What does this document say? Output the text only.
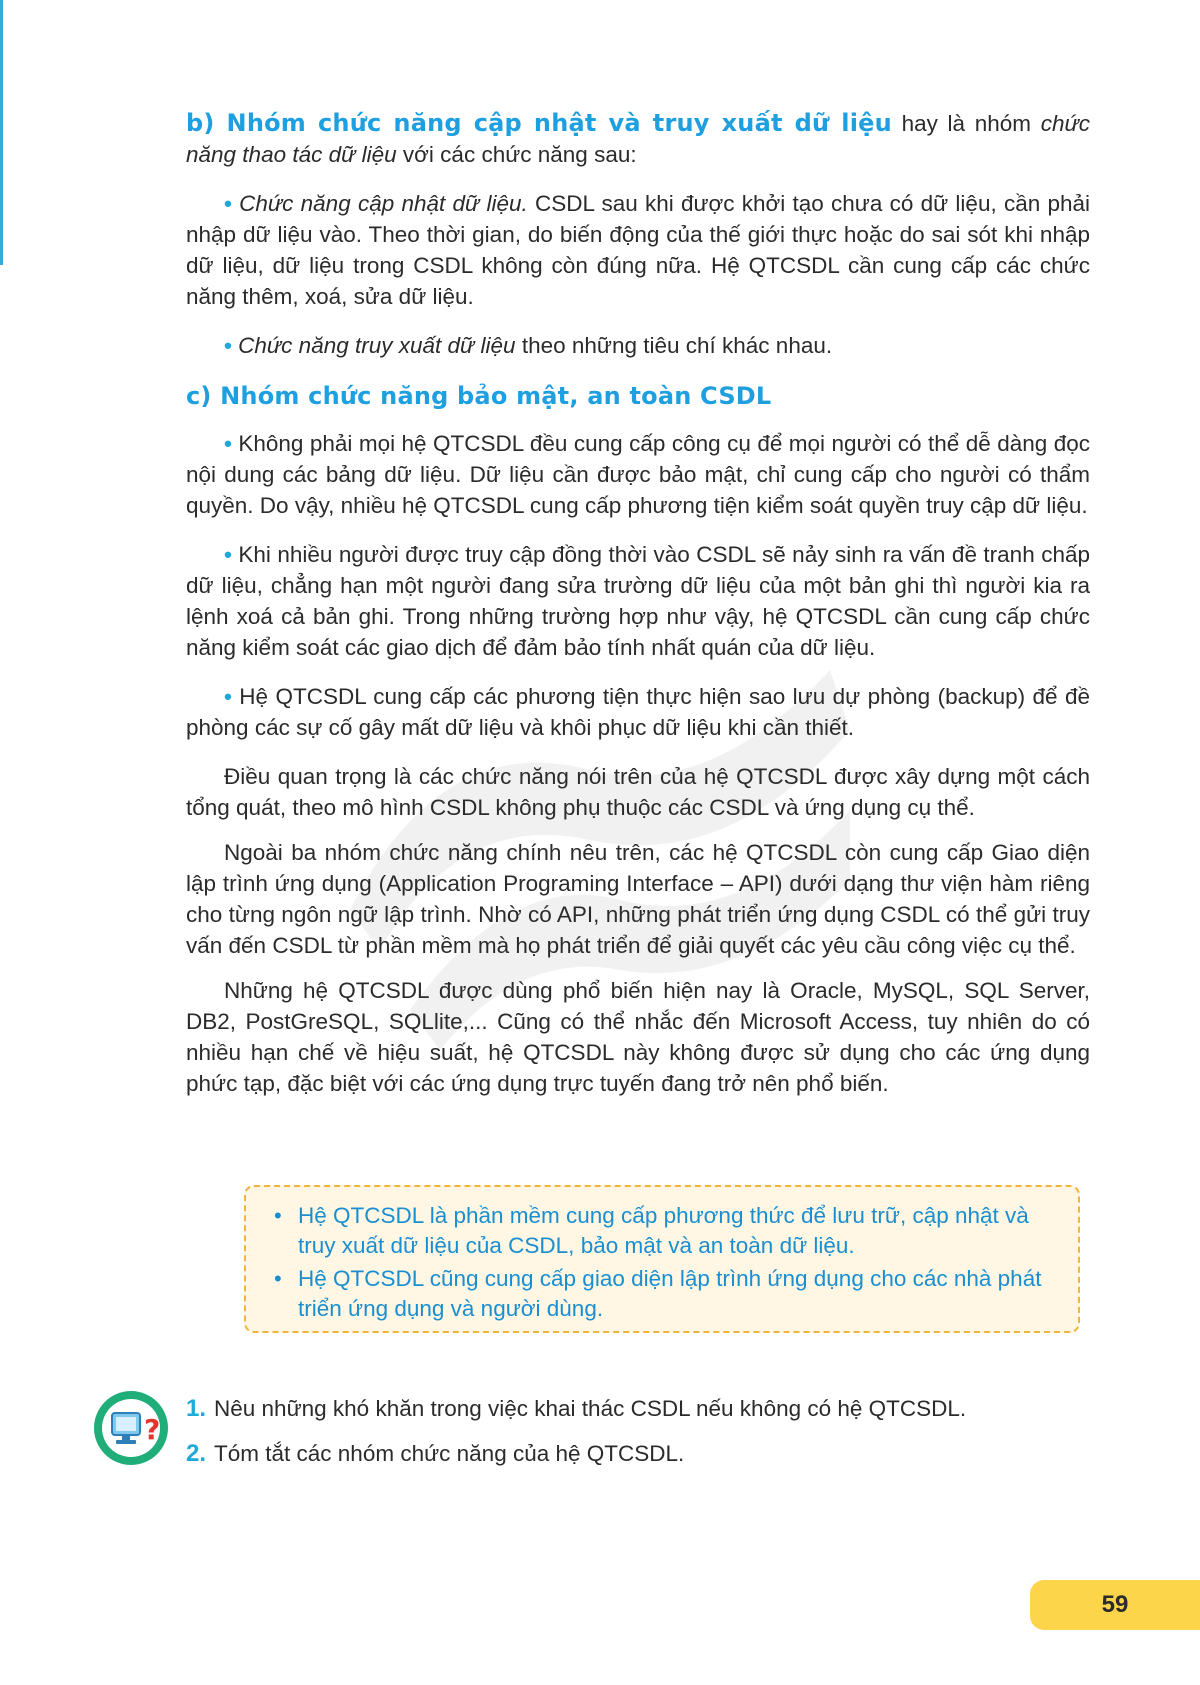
b) Nhóm chức năng cập nhật và truy xuất dữ liệu hay là nhóm chức năng thao tác dữ liệu với các chức năng sau:

• Chức năng cập nhật dữ liệu. CSDL sau khi được khởi tạo chưa có dữ liệu, cần phải nhập dữ liệu vào. Theo thời gian, do biến động của thế giới thực hoặc do sai sót khi nhập dữ liệu, dữ liệu trong CSDL không còn đúng nữa. Hệ QTCSDL cần cung cấp các chức năng thêm, xoá, sửa dữ liệu.

• Chức năng truy xuất dữ liệu theo những tiêu chí khác nhau.

c) Nhóm chức năng bảo mật, an toàn CSDL

• Không phải mọi hệ QTCSDL đều cung cấp công cụ để mọi người có thể dễ dàng đọc nội dung các bảng dữ liệu. Dữ liệu cần được bảo mật, chỉ cung cấp cho người có thẩm quyền. Do vậy, nhiều hệ QTCSDL cung cấp phương tiện kiểm soát quyền truy cập dữ liệu.

• Khi nhiều người được truy cập đồng thời vào CSDL sẽ nảy sinh ra vấn đề tranh chấp dữ liệu, chẳng hạn một người đang sửa trường dữ liệu của một bản ghi thì người kia ra lệnh xoá cả bản ghi. Trong những trường hợp như vậy, hệ QTCSDL cần cung cấp chức năng kiểm soát các giao dịch để đảm bảo tính nhất quán của dữ liệu.

• Hệ QTCSDL cung cấp các phương tiện thực hiện sao lưu dự phòng (backup) để đề phòng các sự cố gây mất dữ liệu và khôi phục dữ liệu khi cần thiết.

Điều quan trọng là các chức năng nói trên của hệ QTCSDL được xây dựng một cách tổng quát, theo mô hình CSDL không phụ thuộc các CSDL và ứng dụng cụ thể.

Ngoài ba nhóm chức năng chính nêu trên, các hệ QTCSDL còn cung cấp Giao diện lập trình ứng dụng (Application Programing Interface – API) dưới dạng thư viện hàm riêng cho từng ngôn ngữ lập trình. Nhờ có API, những phát triển ứng dụng CSDL có thể gửi truy vấn đến CSDL từ phần mềm mà họ phát triển để giải quyết các yêu cầu công việc cụ thể.

Những hệ QTCSDL được dùng phổ biến hiện nay là Oracle, MySQL, SQL Server, DB2, PostGreSQL, SQLlite,... Cũng có thể nhắc đến Microsoft Access, tuy nhiên do có nhiều hạn chế về hiệu suất, hệ QTCSDL này không được sử dụng cho các ứng dụng phức tạp, đặc biệt với các ứng dụng trực tuyến đang trở nên phổ biến.

• Hệ QTCSDL là phần mềm cung cấp phương thức để lưu trữ, cập nhật và truy xuất dữ liệu của CSDL, bảo mật và an toàn dữ liệu.
• Hệ QTCSDL cũng cung cấp giao diện lập trình ứng dụng cho các nhà phát triển ứng dụng và người dùng.
?
1. Nêu những khó khăn trong việc khai thác CSDL nếu không có hệ QTCSDL.
2. Tóm tắt các nhóm chức năng của hệ QTCSDL.
59
